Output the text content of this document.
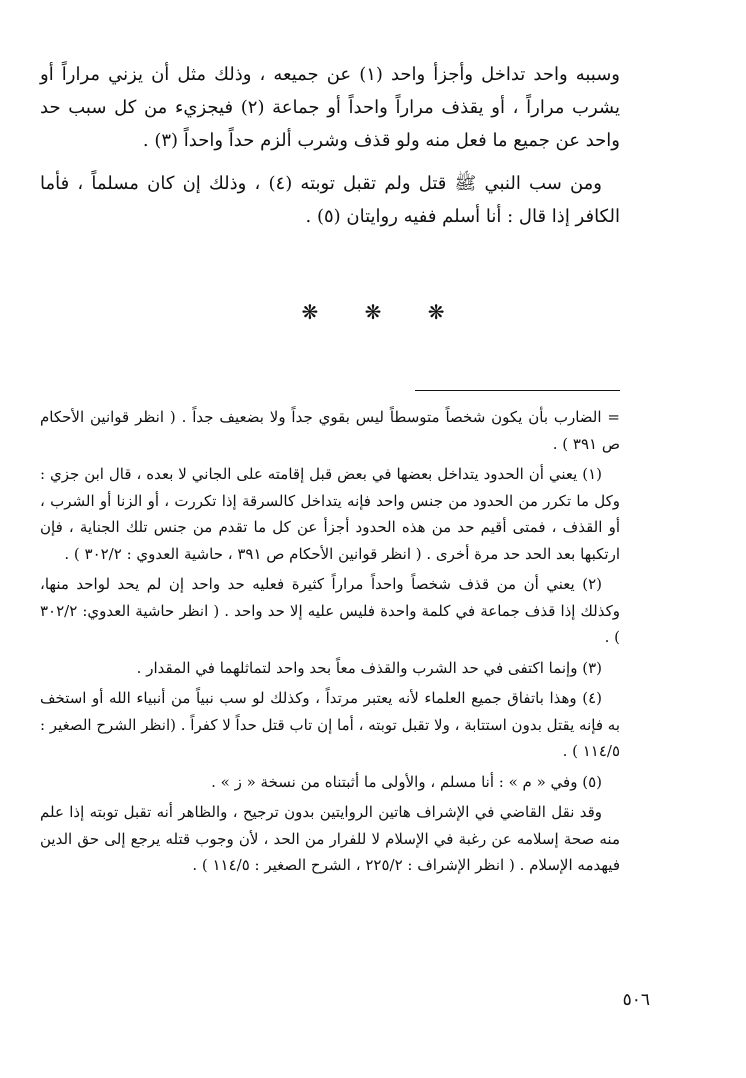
وسببه واحد تداخل وأجزأ واحد (١) عن جميعه ، وذلك مثل أن يزني مراراً أو يشرب مراراً ، أو يقذف مراراً واحداً أو جماعة (٢) فيجزيء من كل سبب حد واحد عن جميع ما فعل منه ولو قذف وشرب ألزم حداً واحداً (٣) .

ومن سب النبي ﷺ قتل ولم تقبل توبته (٤) ، وذلك إن كان مسلماً ، فأما الكافر إذا قال : أنا أسلم ففيه روايتان (٥) .

❋ ❋ ❋

= الضارب بأن يكون شخصاً متوسطاً ليس بقوي جداً ولا بضعيف جداً . ( انظر قوانين الأحكام ص ٣٩١ ) .

(١) يعني أن الحدود يتداخل بعضها في بعض قبل إقامته على الجاني لا بعده ، قال ابن جزي : وكل ما تكرر من الحدود من جنس واحد فإنه يتداخل كالسرقة إذا تكررت ، أو الزنا أو الشرب ، أو القذف ، فمتى أقيم حد من هذه الحدود أجزأ عن كل ما تقدم من جنس تلك الجناية ، فإن ارتكبها بعد الحد حد مرة أخرى . ( انظر قوانين الأحكام ص ٣٩١ ، حاشية العدوي : ٣٠٢/٢ ) .

(٢) يعني أن من قذف شخصاً واحداً مراراً كثيرة فعليه حد واحد إن لم يحد لواحد منها، وكذلك إذا قذف جماعة في كلمة واحدة فليس عليه إلا حد واحد . ( انظر حاشية العدوي: ٣٠٢/٢ ) .

(٣) وإنما اكتفى في حد الشرب والقذف معاً بحد واحد لتماثلهما في المقدار .

(٤) وهذا باتفاق جميع العلماء لأنه يعتبر مرتداً ، وكذلك لو سب نبياً من أنبياء الله أو استخف به فإنه يقتل بدون استتابة ، ولا تقبل توبته ، أما إن تاب قتل حداً لا كفراً . (انظر الشرح الصغير : ١١٤/٥ ) .

(٥) وفي « م » : أنا مسلم ، والأولى ما أثبتناه من نسخة « ز » .

وقد نقل القاضي في الإشراف هاتين الروايتين بدون ترجيح ، والظاهر أنه تقبل توبته إذا علم منه صحة إسلامه عن رغبة في الإسلام لا للفرار من الحد ، لأن وجوب قتله يرجع إلى حق الدين فيهدمه الإسلام . ( انظر الإشراف : ٢٢٥/٢ ، الشرح الصغير : ١١٤/٥ ) .

٥٠٦
